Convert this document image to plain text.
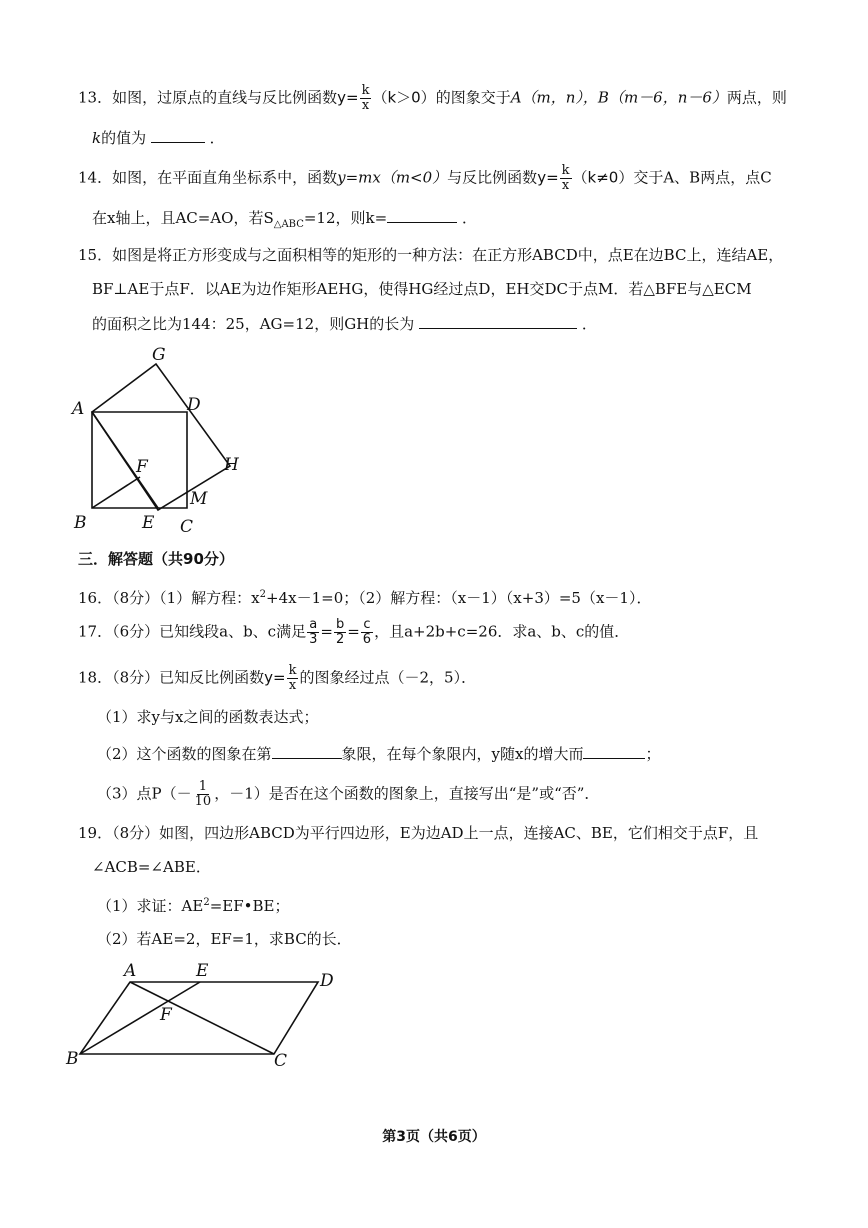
13．如图，过原点的直线与反比例函数$y= \frac{k}{x} (k>0)$的图象交于A（m，n），B（m－6，n－6）两点，则
k的值为	．
14．如图，在平面直角坐标系中，函数y=mx（m<0）与反比例函数$y= \frac{k}{x} (k\ne 0)$交于A、B两点，点C
在x轴上，且AC=AO，若$S_{\triangle ABC}=12$，则k=	．
15．如图是将正方形变成与之面积相等的矩形的一种方法：在正方形ABCD中，点E在边BC上，连结AE，
BF⊥AE于点F．以AE为边作矩形AEHG，使得HG经过点D，EH交DC于点M．若△BFE与△ECM
的面积之比为144：25，AG=12，则GH的长为	．
G
A	D
F	H
M
B	E C
三．解答题（共90分）
16．（8分）（1）解方程：$x^2+4x-1=0$；（2）解方程：（x－1）（x+3）=5（x－1）．
17．（6分）已知线段a、b、c满足 $\frac{a}{3} = \frac{b}{2} = \frac{c}{6}$ ，且a+2b+c=26．求a、b、c的值．
18．（8分）已知反比例函数$y= \frac{k}{x}$ 的图象经过点（－2，5）．
（1）求y与x之间的函数表达式；
（2）这个函数的图象在第	象限，在每个象限内，y随x的增大而	；
（3）点$P(- \frac{1}{10}$ ，－1）是否在这个函数的图象上，直接写出“是”或“否”．
19．（8分）如图，四边形ABCD为平行四边形，E为边AD上一点，连接AC、BE，它们相交于点F，且
∠ACB=∠ABE．
（1）求证：$AE^2=EF•BE$；
（2）若AE=2，EF=1，求BC的长．
A	E	D
F
B	C
第3页（共6页）
